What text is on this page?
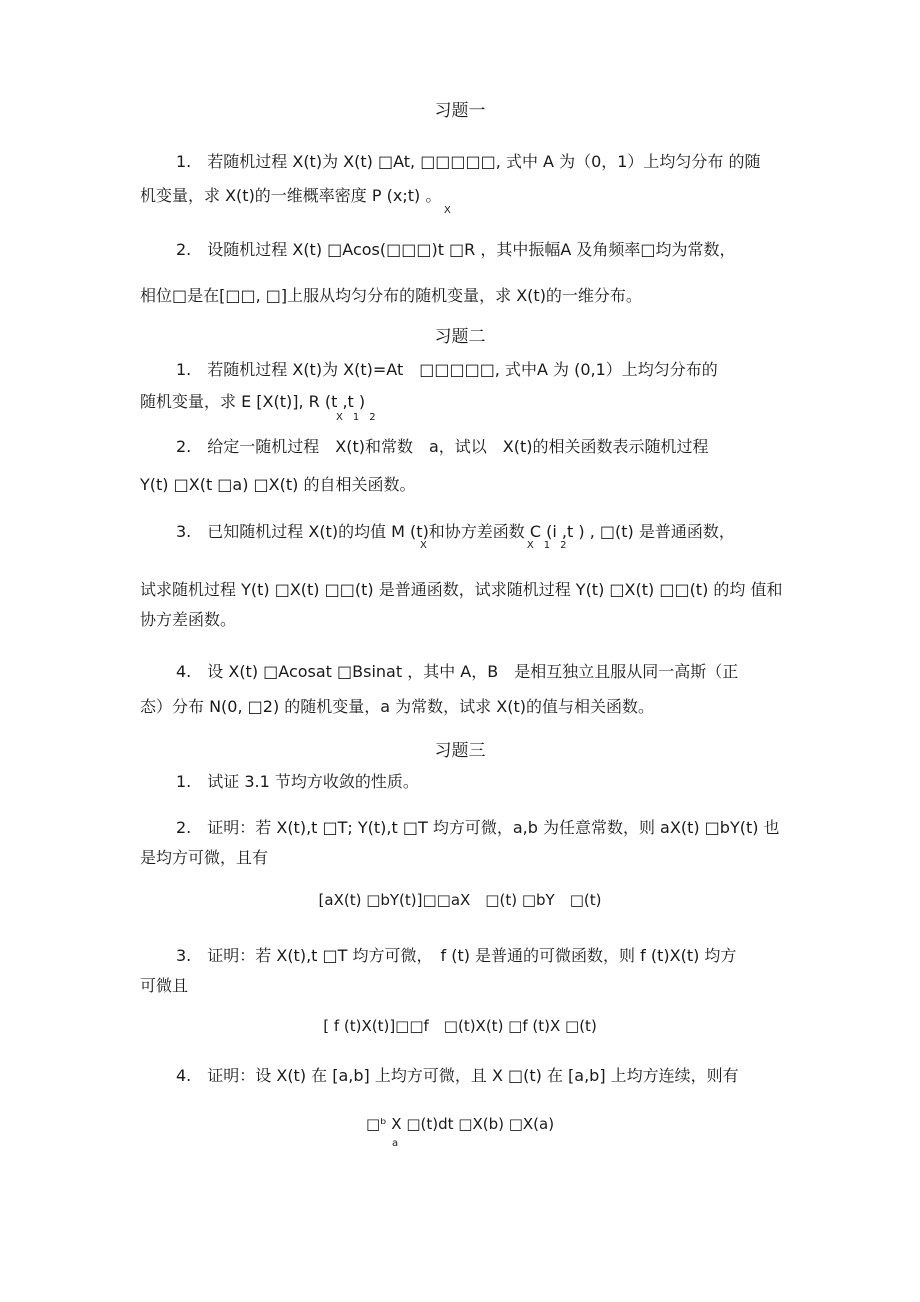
习题一
1.　若随机过程 X(t)为 X(t) □At, □□□□□, 式中 A 为（0，1）上均匀分布 的随
机变量，求 X(t)的一维概率密度 P (x;t) 。
X
2.　设随机过程 X(t) □Acos(□□□)t □R ，其中振幅A 及角频率□均为常数，
相位□是在[□□, □]上服从均匀分布的随机变量，求 X(t)的一维分布。
习题二
1.　若随机过程 X(t)为 X(t)=At　□□□□□, 式中A 为 (0,1）上均匀分布的
随机变量，求 E [X(t)], R (t ,t )
X　1　2
2.　给定一随机过程　X(t)和常数　a，试以　X(t)的相关函数表示随机过程
Y(t) □X(t □a) □X(t) 的自相关函数。
3.　已知随机过程 X(t)的均值 M (t)和协方差函数 C (i ,t ) , □(t) 是普通函数，
X　　　　　　　　　　X　1　2
试求随机过程 Y(t) □X(t) □□(t) 是普通函数，试求随机过程 Y(t) □X(t) □□(t) 的均 值和
协方差函数。
4.　设 X(t) □Acosat □Bsinat ，其中 A，B　是相互独立且服从同一高斯（正
态）分布 N(0, □2) 的随机变量，a 为常数，试求 X(t)的值与相关函数。
习题三
1.　试证 3.1 节均方收敛的性质。
2.　证明：若 X(t),t □T; Y(t),t □T 均方可微，a,b 为任意常数，则 aX(t) □bY(t) 也
是均方可微，且有
[aX(t) □bY(t)]□□aX　□(t) □bY　□(t)
3.　证明：若 X(t),t □T 均方可微，　f (t) 是普通的可微函数，则 f (t)X(t) 均方
可微且
[ f (t)X(t)]□□f　□(t)X(t) □f (t)X □(t)
4.　证明：设 X(t) 在 [a,b] 上均方可微，且 X □(t) 在 [a,b] 上均方连续，则有
□ᵇ X □(t)dt □X(b) □X(a)
a
